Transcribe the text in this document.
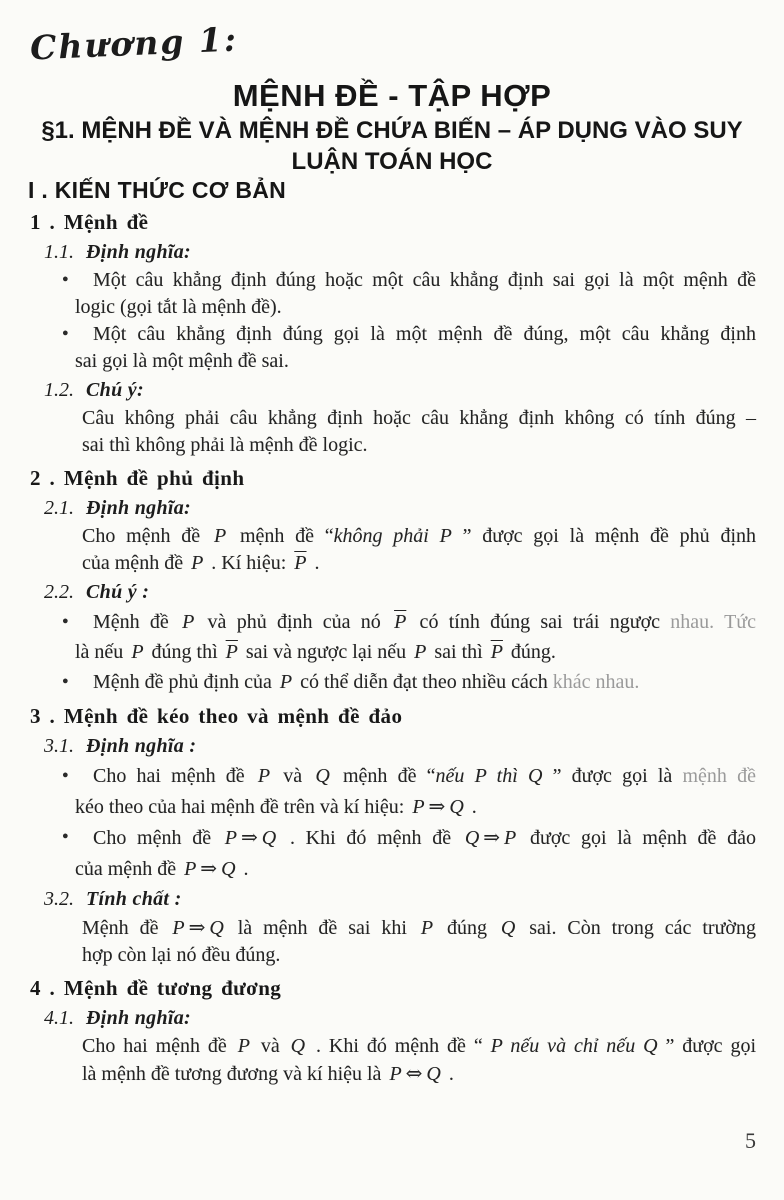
Chương 1:
MỆNH ĐỀ - TẬP HỢP
§1. MỆNH ĐỀ VÀ MỆNH ĐỀ CHỨA BIẾN – ÁP DỤNG VÀO SUY
LUẬN TOÁN HỌC
I . KIẾN THỨC CƠ BẢN
1 . Mệnh đề
1.1. Định nghĩa:
Một câu khẳng định đúng hoặc một câu khẳng định sai gọi là một mệnh đề
logic (gọi tắt là mệnh đề).
●
Một câu khẳng định đúng gọi là một mệnh đề đúng, một câu khẳng định
sai gọi là một mệnh đề sai.
●
1.2. Chú ý:
Câu không phải câu khẳng định hoặc câu khẳng định không có tính đúng –
sai thì không phải là mệnh đề logic.
2 . Mệnh đề phủ định
2.1. Định nghĩa:
Cho mệnh đề P mệnh đề “không phải P ” được gọi là mệnh đề phủ định
của mệnh đề P . Kí hiệu: $\overline{P}$ .
2.2. Chú ý :
Mệnh đề P và phủ định của nó $\overline{P}$ có tính đúng sai trái ngược nhau. Tức
là nếu P đúng thì $\overline{P}$ sai và ngược lại nếu P sai thì $\overline{P}$ đúng.
●
Mệnh đề phủ định của P có thể diễn đạt theo nhiều cách khác nhau.
●
3 . Mệnh đề kéo theo và mệnh đề đảo
3.1. Định nghĩa :
Cho hai mệnh đề P và Q mệnh đề “nếu P thì Q ” được gọi là mệnh đề
kéo theo của hai mệnh đề trên và kí hiệu: P ⇒ Q .
●
Cho mệnh đề P ⇒ Q . Khi đó mệnh đề Q ⇒ P được gọi là mệnh đề đảo
của mệnh đề P ⇒ Q .
●
3.2. Tính chất :
Mệnh đề P ⇒ Q là mệnh đề sai khi P đúng Q sai. Còn trong các trường
hợp còn lại nó đều đúng.
4 . Mệnh đề tương đương
4.1. Định nghĩa:
Cho hai mệnh đề P và Q . Khi đó mệnh đề “ P nếu và chỉ nếu Q ” được gọi
là mệnh đề tương đương và kí hiệu là P ⇔ Q .
5
